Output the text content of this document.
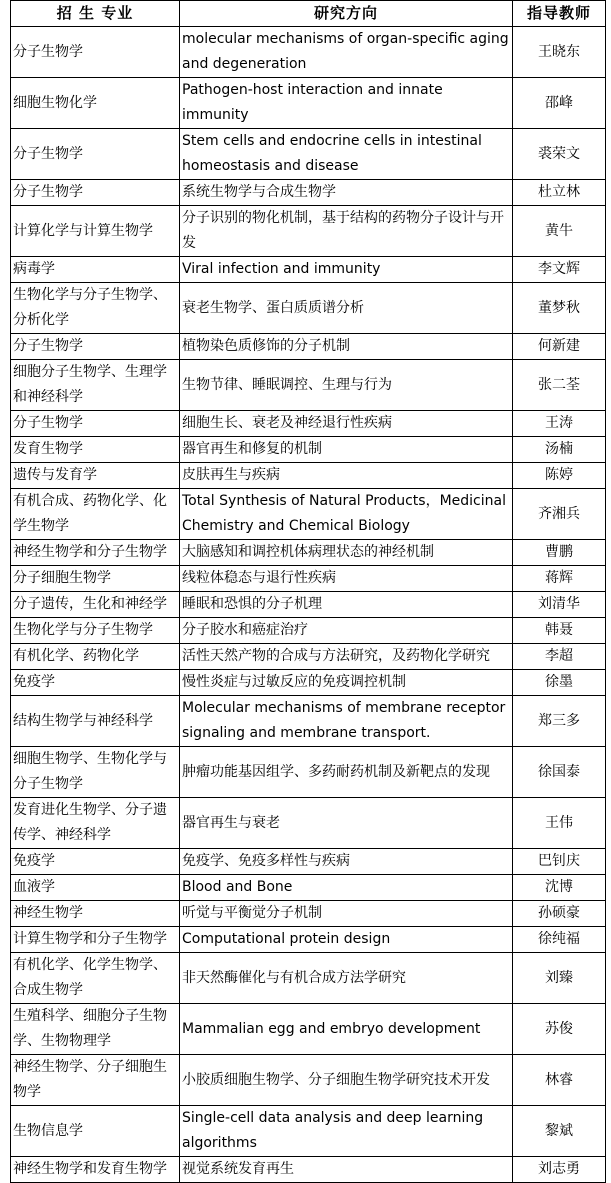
招 生 专业	研究方向	指导教师
分子生物学	molecular mechanisms of organ-specific aging and degeneration	王晓东
细胞生物化学	Pathogen-host interaction and innate immunity	邵峰
分子生物学	Stem cells and endocrine cells in intestinal homeostasis and disease	裘荣文
分子生物学	系统生物学与合成生物学	杜立林
计算化学与计算生物学	分子识别的物化机制，基于结构的药物分子设计与开发	黄牛
病毒学	Viral infection and immunity	李文辉
生物化学与分子生物学、分析化学	衰老生物学、蛋白质质谱分析	董梦秋
分子生物学	植物染色质修饰的分子机制	何新建
细胞分子生物学、生理学和神经科学	生物节律、睡眠调控、生理与行为	张二荃
分子生物学	细胞生长、衰老及神经退行性疾病	王涛
发育生物学	器官再生和修复的机制	汤楠
遗传与发育学	皮肤再生与疾病	陈婷
有机合成、药物化学、化学生物学	Total Synthesis of Natural Products，Medicinal Chemistry and Chemical Biology	齐湘兵
神经生物学和分子生物学	大脑感知和调控机体病理状态的神经机制	曹鹏
分子细胞生物学	线粒体稳态与退行性疾病	蒋辉
分子遗传，生化和神经学	睡眠和恐惧的分子机理	刘清华
生物化学与分子生物学	分子胶水和癌症治疗	韩聂
有机化学、药物化学	活性天然产物的合成与方法研究，及药物化学研究	李超
免疫学	慢性炎症与过敏反应的免疫调控机制	徐墨
结构生物学与神经科学	Molecular mechanisms of membrane receptor signaling and membrane transport.	郑三多
细胞生物学、生物化学与分子生物学	肿瘤功能基因组学、多药耐药机制及新靶点的发现	徐国泰
发育进化生物学、分子遗传学、神经科学	器官再生与衰老	王伟
免疫学	免疫学、免疫多样性与疾病	巴钊庆
血液学	Blood and Bone	沈博
神经生物学	听觉与平衡觉分子机制	孙硕豪
计算生物学和分子生物学	Computational protein design	徐纯福
有机化学、化学生物学、合成生物学	非天然酶催化与有机合成方法学研究	刘臻
生殖科学、细胞分子生物学、生物物理学	Mammalian egg and embryo development	苏俊
神经生物学、分子细胞生物学	小胶质细胞生物学、分子细胞生物学研究技术开发	林睿
生物信息学	Single-cell data analysis and deep learning algorithms	黎斌
神经生物学和发育生物学	视觉系统发育再生	刘志勇
